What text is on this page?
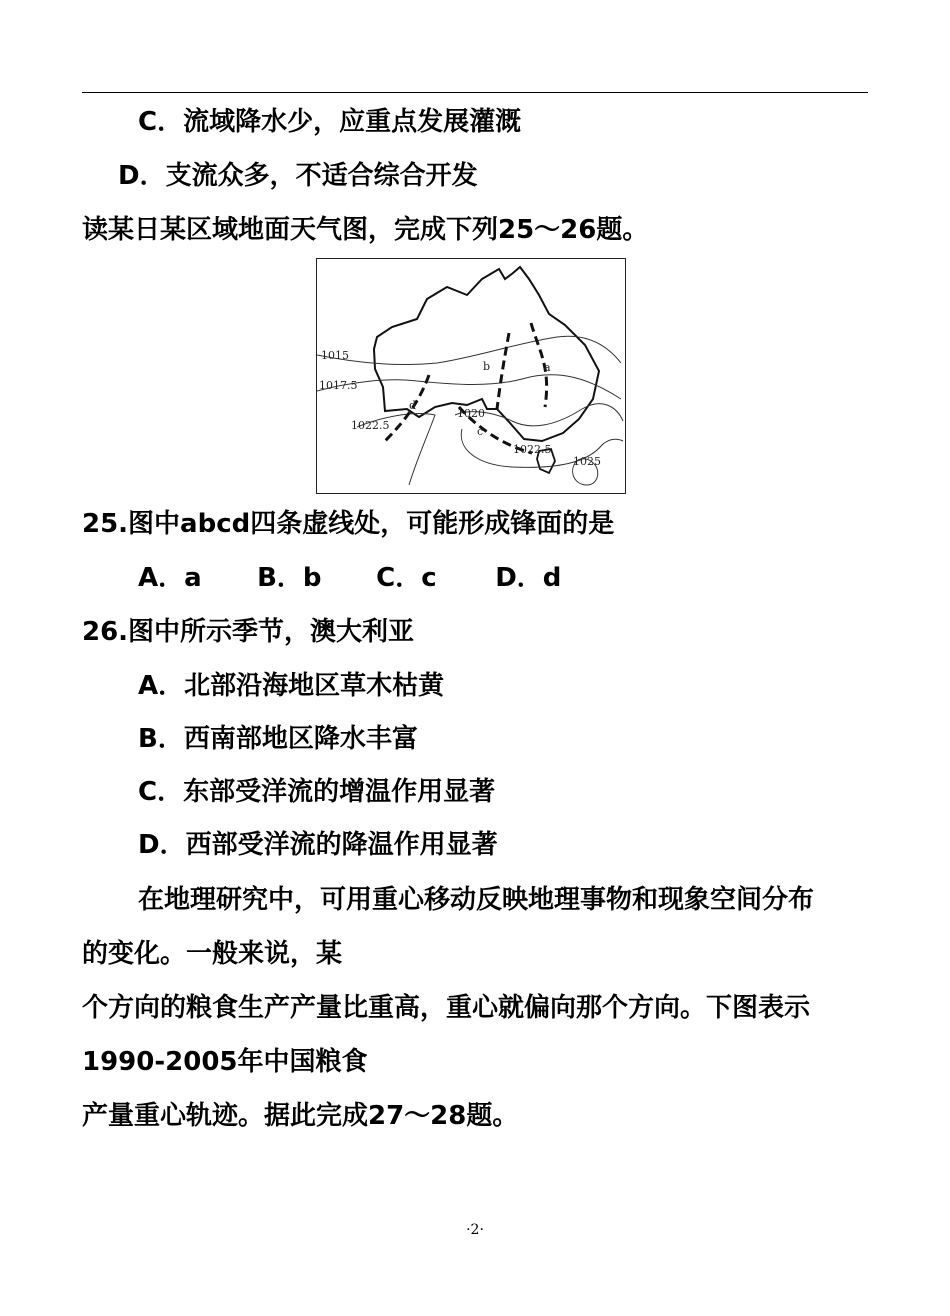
C．流域降水少，应重点发展灌溉
D．支流众多，不适合综合开发
读某日某区域地面天气图，完成下列25～26题。
1015
1017.5
1022.5
1020
1022.5
1025
a
b
c
d
25.图中abcd四条虚线处，可能形成锋面的是
A．a B．b C．c D．d
26.图中所示季节，澳大利亚
A．北部沿海地区草木枯黄
B．西南部地区降水丰富
C．东部受洋流的增温作用显著
D．西部受洋流的降温作用显著
在地理研究中，可用重心移动反映地理事物和现象空间分布
的变化。一般来说，某
个方向的粮食生产产量比重高，重心就偏向那个方向。下图表示
1990-2005年中国粮食
产量重心轨迹。据此完成27～28题。
·2·
